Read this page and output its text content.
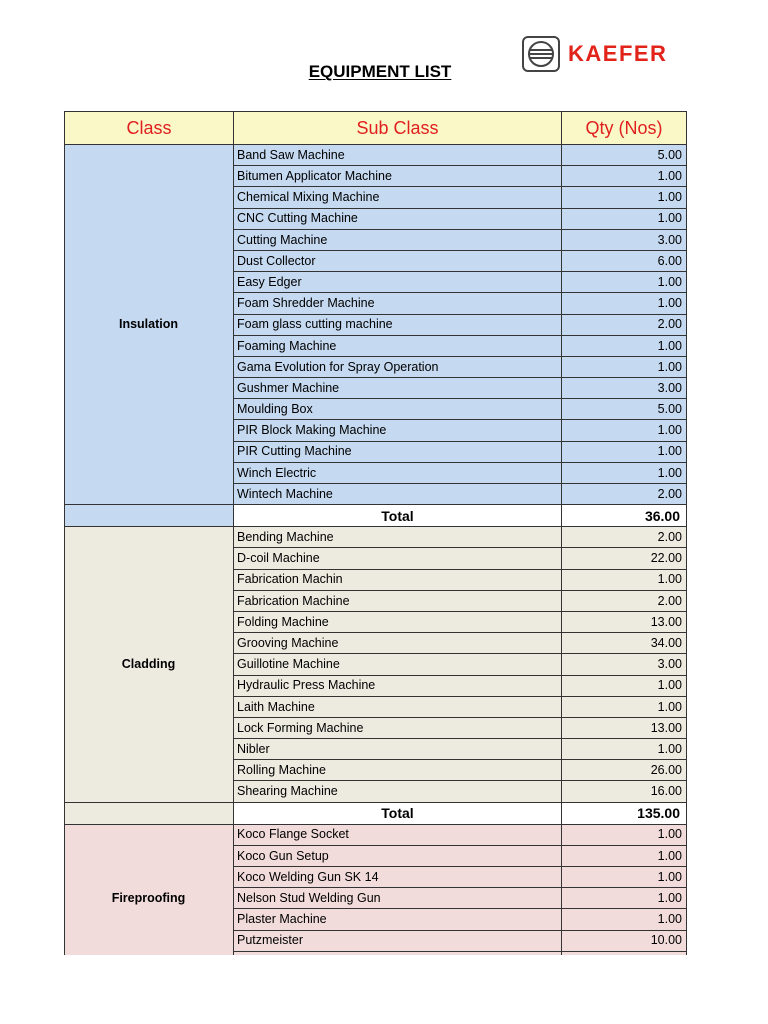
KAEFER
EQUIPMENT LIST
Class	Sub Class	Qty (Nos)
Insulation	Band Saw Machine	5.00
	Bitumen Applicator Machine	1.00
	Chemical Mixing Machine	1.00
	CNC Cutting Machine	1.00
	Cutting Machine	3.00
	Dust Collector	6.00
	Easy Edger	1.00
	Foam Shredder Machine	1.00
	Foam glass cutting machine	2.00
	Foaming Machine	1.00
	Gama Evolution for Spray Operation	1.00
	Gushmer Machine	3.00
	Moulding Box	5.00
	PIR Block Making Machine	1.00
	PIR Cutting Machine	1.00
	Winch Electric	1.00
	Wintech Machine	2.00
	Total	36.00
Cladding	Bending Machine	2.00
	D-coil Machine	22.00
	Fabrication Machin	1.00
	Fabrication Machine	2.00
	Folding Machine	13.00
	Grooving Machine	34.00
	Guillotine Machine	3.00
	Hydraulic Press Machine	1.00
	Laith Machine	1.00
	Lock Forming Machine	13.00
	Nibler	1.00
	Rolling Machine	26.00
	Shearing Machine	16.00
	Total	135.00
Fireproofing	Koco Flange Socket	1.00
	Koco Gun Setup	1.00
	Koco Welding Gun SK 14	1.00
	Nelson Stud Welding Gun	1.00
	Plaster Machine	1.00
	Putzmeister	10.00
